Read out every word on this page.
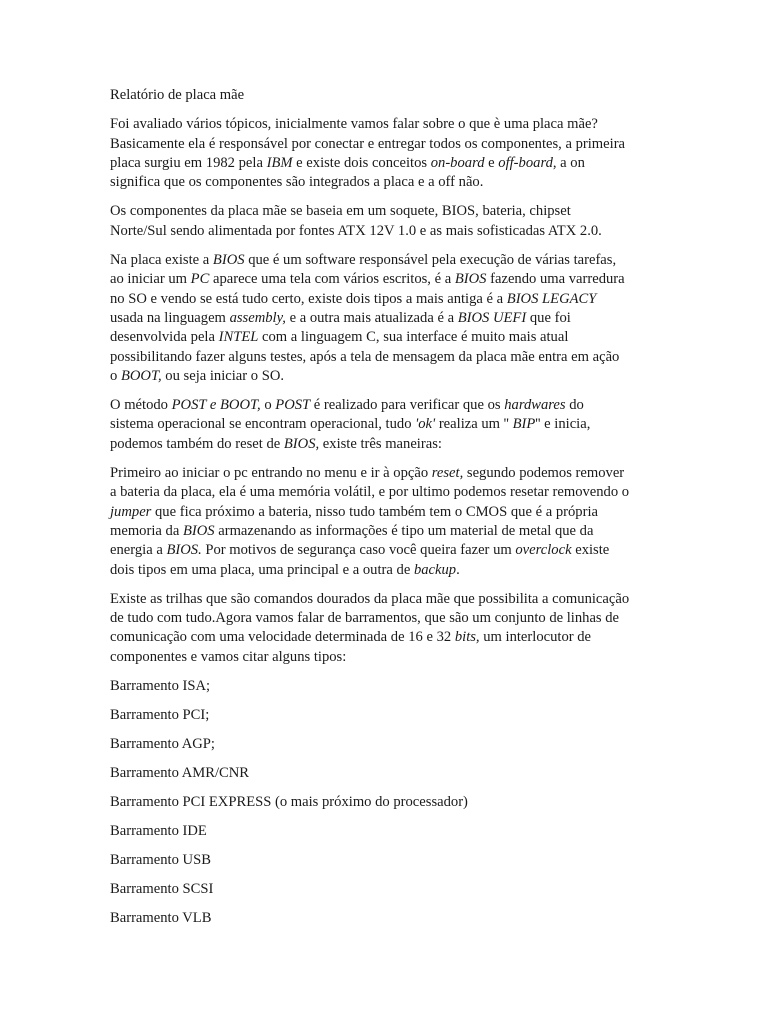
Relatório de placa mãe

Foi avaliado vários tópicos, inicialmente vamos falar sobre o que è uma placa mãe? Basicamente ela é responsável por conectar e entregar todos os componentes, a primeira placa surgiu em 1982 pela IBM e existe dois conceitos on-board e off-board, a on significa que os componentes são integrados a placa e a off não.

Os componentes da placa mãe se baseia em um soquete, BIOS, bateria, chipset Norte/Sul sendo alimentada por fontes ATX 12V 1.0 e as mais sofisticadas ATX 2.0.

Na placa existe a BIOS que é um software responsável pela execução de várias tarefas, ao iniciar um PC aparece uma tela com vários escritos, é a BIOS fazendo uma varredura no SO e vendo se está tudo certo, existe dois tipos a mais antiga é a BIOS LEGACY usada na linguagem assembly, e a outra mais atualizada é a BIOS UEFI que foi desenvolvida pela INTEL com a linguagem C, sua interface é muito mais atual possibilitando fazer alguns testes, após a tela de mensagem da placa mãe entra em ação o BOOT, ou seja iniciar o SO.

O método POST e BOOT, o POST é realizado para verificar que os hardwares do sistema operacional se encontram operacional, tudo 'ok' realiza um '' BIP'' e inicia, podemos também do reset de BIOS, existe três maneiras:

Primeiro ao iniciar o pc entrando no menu e ir à opção reset, segundo podemos remover a bateria da placa, ela é uma memória volátil, e por ultimo podemos resetar removendo o jumper que fica próximo a bateria, nisso tudo também tem o CMOS que é a própria memoria da BIOS armazenando as informações é tipo um material de metal que da energia a BIOS. Por motivos de segurança caso você queira fazer um overclock existe dois tipos em uma placa, uma principal e a outra de backup.

Existe as trilhas que são comandos dourados da placa mãe que possibilita a comunicação de tudo com tudo.Agora vamos falar de barramentos, que são um conjunto de linhas de comunicação com uma velocidade determinada de 16 e 32 bits, um interlocutor de componentes e vamos citar alguns tipos:

Barramento ISA;

Barramento PCI;

Barramento AGP;

Barramento AMR/CNR

Barramento PCI EXPRESS (o mais próximo do processador)

Barramento IDE

Barramento USB

Barramento SCSI

Barramento VLB
